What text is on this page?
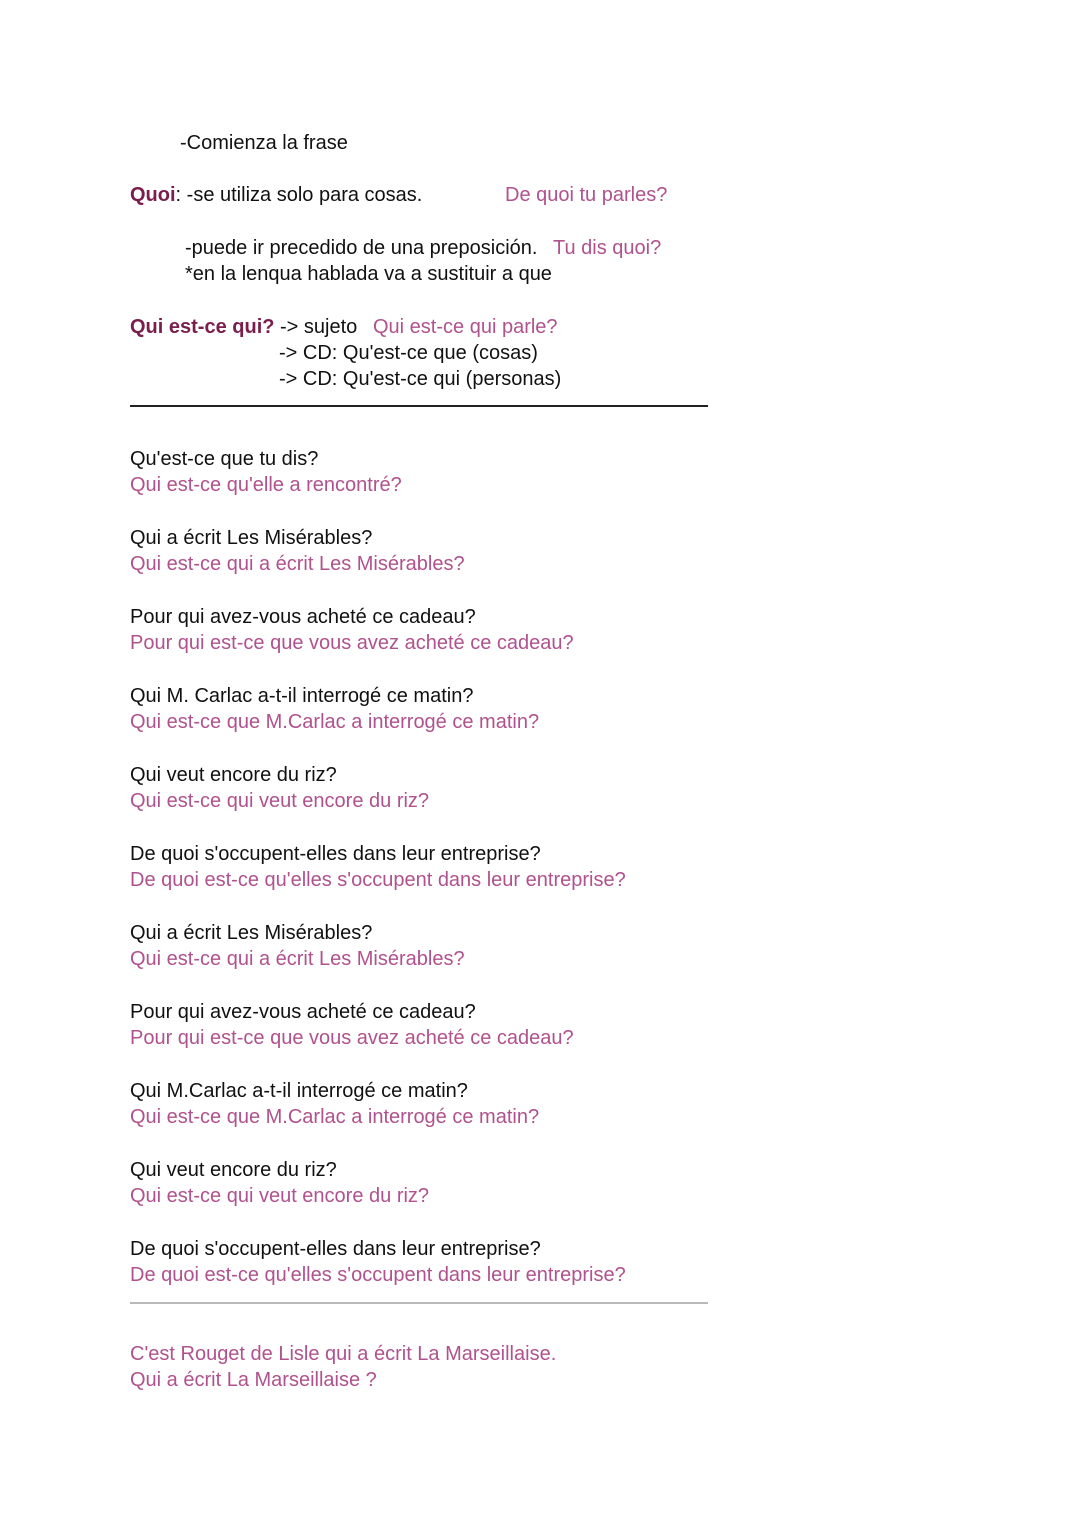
-Comienza la frase
Quoi: -se utiliza solo para cosas.	De quoi tu parles?
-puede ir precedido de una preposición. Tu dis quoi?
*en la lenqua hablada va a sustituir a que
Qui est-ce qui? -> sujeto Qui est-ce qui parle?
-> CD: Qu'est-ce que (cosas)
-> CD: Qu'est-ce qui (personas)
Qu'est-ce que tu dis?
Qui est-ce qu'elle a rencontré?
Qui a écrit Les Misérables?
Qui est-ce qui a écrit Les Misérables?
Pour qui avez-vous acheté ce cadeau?
Pour qui est-ce que vous avez acheté ce cadeau?
Qui M. Carlac a-t-il interrogé ce matin?
Qui est-ce que M.Carlac a interrogé ce matin?
Qui veut encore du riz?
Qui est-ce qui veut encore du riz?
De quoi s'occupent-elles dans leur entreprise?
De quoi est-ce qu'elles s'occupent dans leur entreprise?
Qui a écrit Les Misérables?
Qui est-ce qui a écrit Les Misérables?
Pour qui avez-vous acheté ce cadeau?
Pour qui est-ce que vous avez acheté ce cadeau?
Qui M.Carlac a-t-il interrogé ce matin?
Qui est-ce que M.Carlac a interrogé ce matin?
Qui veut encore du riz?
Qui est-ce qui veut encore du riz?
De quoi s'occupent-elles dans leur entreprise?
De quoi est-ce qu'elles s'occupent dans leur entreprise?
C'est Rouget de Lisle qui a écrit La Marseillaise.
Qui a écrit La Marseillaise ?
